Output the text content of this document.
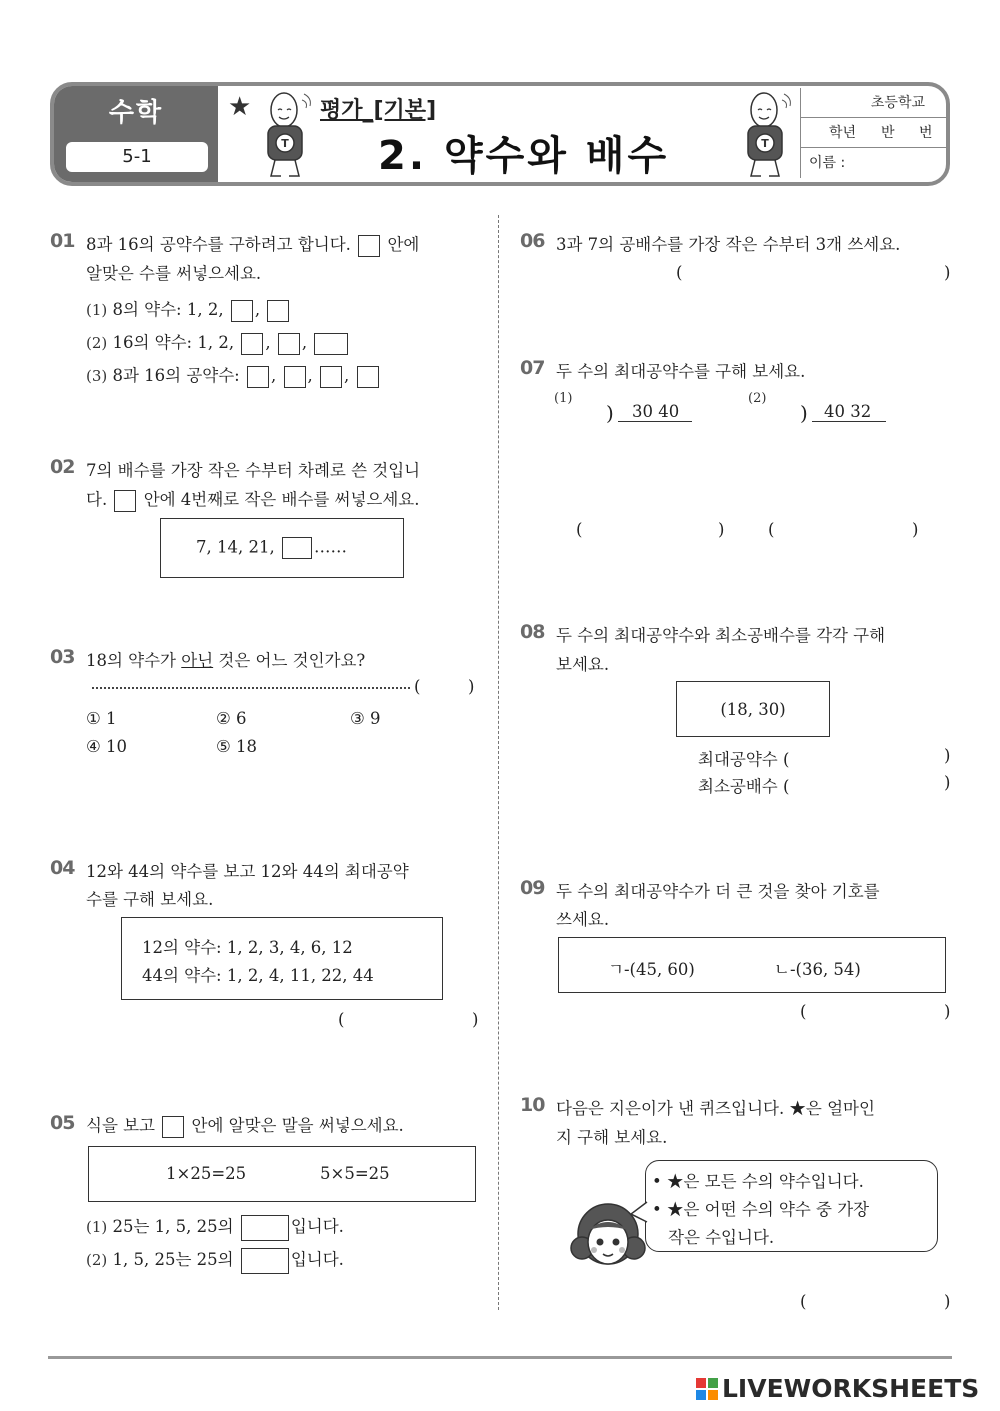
수학
5-1
★
T
평가_[기본]
2. 약수와 배수	T
초등학교
학년 반 번
이름 :
01 8과 16의 공약수를 구하려고 합니다. 안에
알맞은 수를 써넣으세요.
(1) 8의 약수: 1, 2, ,
(2) 16의 약수: 1, 2, , ,
(3) 8과 16의 공약수: , , ,
02 7의 배수를 가장 작은 수부터 차례로 쓴 것입니
다. 안에 4번째로 작은 배수를 써넣으세요.
7, 14, 21, ……
03 18의 약수가 아닌 것은 어느 것인가요?
(	)
① 1	② 6	③ 9
④ 10	⑤ 18
04 12와 44의 약수를 보고 12와 44의 최대공약
수를 구해 보세요.
12의 약수: 1, 2, 3, 4, 6, 12
44의 약수: 1, 2, 4, 11, 22, 44
(	)
05 식을 보고 안에 알맞은 말을 써넣으세요.
1×25=25	5×5=25
(1) 25는 1, 5, 25의	입니다.
(2) 1, 5, 25는 25의	입니다.
06 3과 7의 공배수를 가장 작은 수부터 3개 쓰세요.
(	)
07 두 수의 최대공약수를 구해 보세요.
(1)
)	30 40
(2)
) 40 32
(	)	(	)
08 두 수의 최대공약수와 최소공배수를 각각 구해
보세요.
(18, 30)
최대공약수 (	)
최소공배수 (	)
09 두 수의 최대공약수가 더 큰 것을 찾아 기호를
쓰세요.
ㄱ-(45, 60)	ㄴ-(36, 54)
(	)
10 다음은 지은이가 낸 퀴즈입니다. ★은 얼마인
지 구해 보세요.
• ★은 모든 수의 약수입니다.
• ★은 어떤 수의 약수 중 가장
작은 수입니다.
(	)
LIVEWORKSHEETS
